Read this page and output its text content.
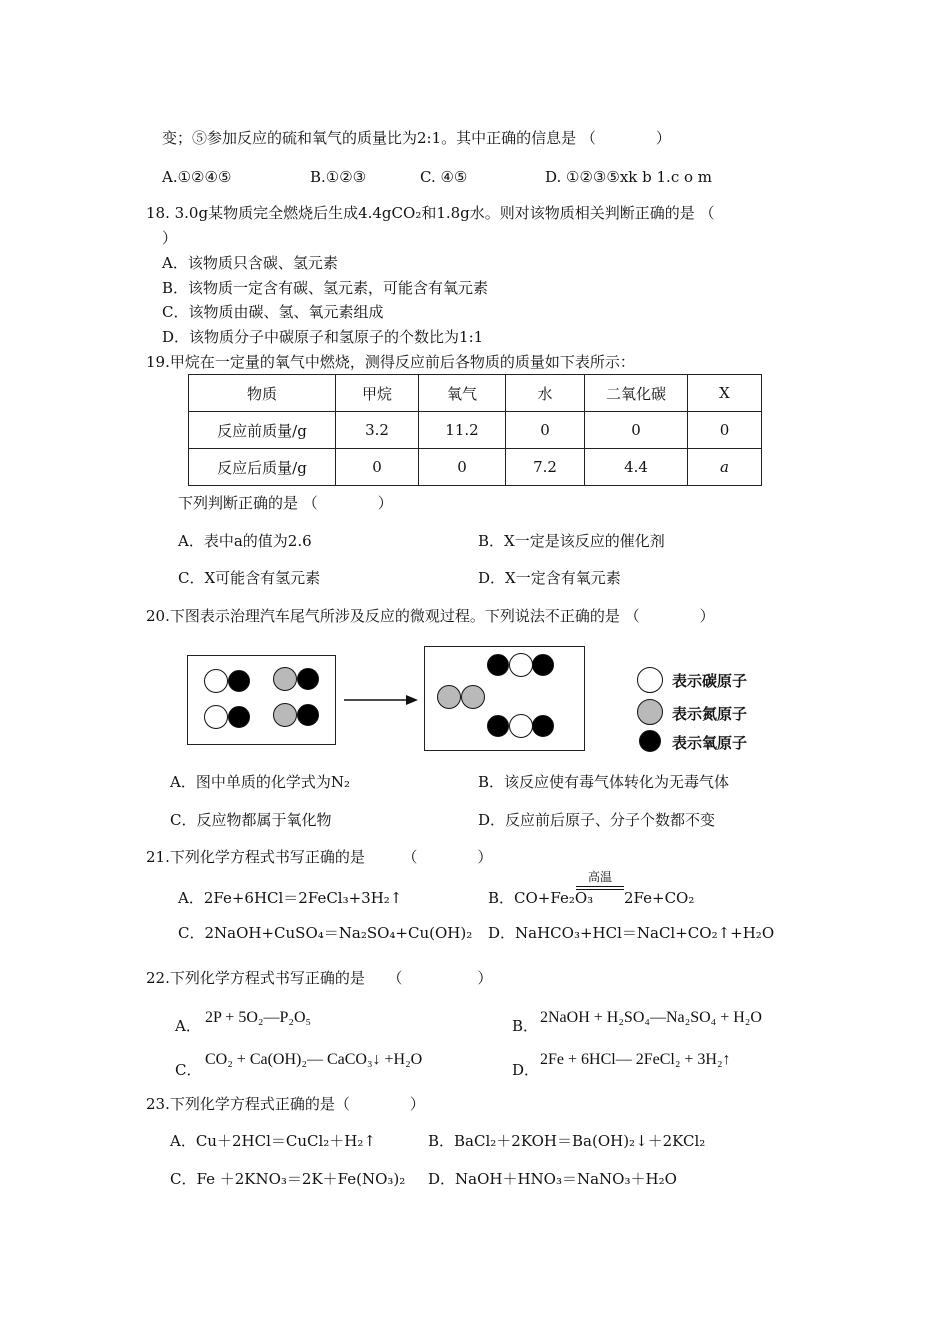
变；⑤参加反应的硫和氧气的质量比为2:1。其中正确的信息是 （　　　　）
A.①②④⑤	B.①②③	C. ④⑤	D. ①②③⑤xk b 1.c o m
18. 3.0g某物质完全燃烧后生成4.4gCO₂和1.8g水。则对该物质相关判断正确的是 （
）
A．该物质只含碳、氢元素
B．该物质一定含有碳、氢元素，可能含有氧元素
C．该物质由碳、氢、氧元素组成
D．该物质分子中碳原子和氢原子的个数比为1:1
19.甲烷在一定量的氧气中燃烧，测得反应前后各物质的质量如下表所示：
物质	甲烷	氧气	水	二氧化碳	X
反应前质量/g	3.2	11.2	0	0	0
反应后质量/g	0	0	7.2	4.4	a
下列判断正确的是 （　　　　）
A．表中a的值为2.6	B．X一定是该反应的催化剂
C．X可能含有氢元素	D．X一定含有氧元素
20.下图表示治理汽车尾气所涉及反应的微观过程。下列说法不正确的是 （　　　　）
表示碳原子
表示氮原子
表示氧原子
A．图中单质的化学式为N₂	B．该反应使有毒气体转化为无毒气体
C．反应物都属于氧化物	D．反应前后原子、分子个数都不变
21.下列化学方程式书写正确的是　　　（　　　　）
A．2Fe+6HCl＝2FeCl₃+3H₂↑	B．CO+Fe₂O₃
高温
2Fe+CO₂
C．2NaOH+CuSO₄＝Na₂SO₄+Cu(OH)₂ D．NaHCO₃+HCl＝NaCl+CO₂↑+H₂O
22.下列化学方程式书写正确的是　　（　　　　　）
A． 2P + 5O₂—P₂O₅	B． 2NaOH + H₂SO₄—Na₂SO₄ + H₂O
C．
CO₂ + Ca(OH)₂— CaCO₃↓ +H₂O
D．
2Fe + 6HCl— 2FeCl₂ + 3H₂↑
23.下列化学方程式正确的是（　　　　）
A．Cu＋2HCl＝CuCl₂＋H₂↑	B．BaCl₂＋2KOH＝Ba(OH)₂↓＋2KCl₂
C．Fe ＋2KNO₃＝2K＋Fe(NO₃)₂ D．NaOH＋HNO₃＝NaNO₃＋H₂O
